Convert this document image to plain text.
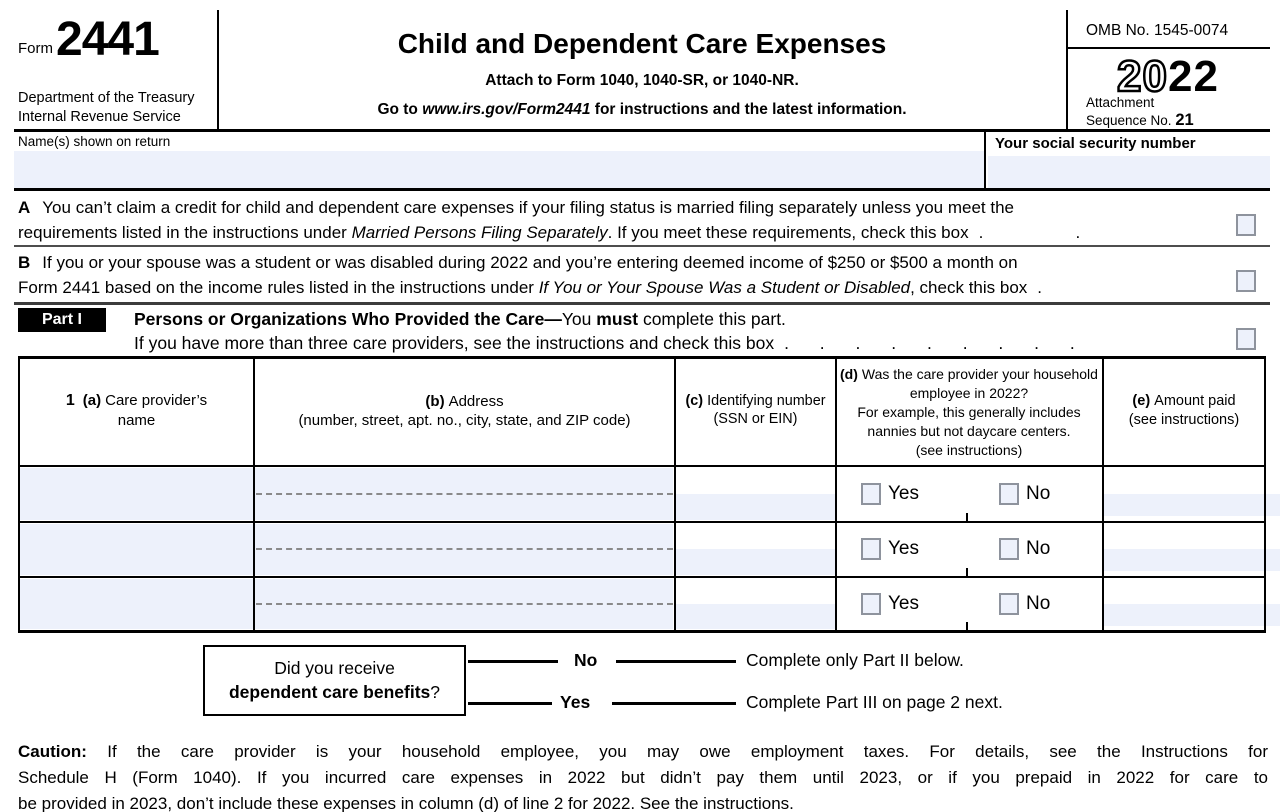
Form 2441
Department of the Treasury
Internal Revenue Service
Child and Dependent Care Expenses
Attach to Form 1040, 1040-SR, or 1040-NR.
Go to www.irs.gov/Form2441 for instructions and the latest information.
OMB No. 1545-0074
2022
Attachment
Sequence No. 21
Name(s) shown on return	Your social security number
A You can’t claim a credit for child and dependent care expenses if your filing status is married filing separately unless you meet the
requirements listed in the instructions under Married Persons Filing Separately. If you meet these requirements, check this box .   .
B If you or your spouse was a student or was disabled during 2022 and you’re entering deemed income of $250 or $500 a month on
Form 2441 based on the income rules listed in the instructions under If You or Your Spouse Was a Student or Disabled, check this box .
Part I	Persons or Organizations Who Provided the Care—You must complete this part.
If you have more than three care providers, see the instructions and check this box . . . . . . . . .
1 (a) Care provider’s
name
(b) Address
(number, street, apt. no., city, state, and ZIP code)
(c) Identifying number
(SSN or EIN)
(d) Was the care provider your household employee in 2022?
For example, this generally includes nannies but not daycare centers.
(see instructions)
(e) Amount paid
(see instructions)
Yes	No
Yes	No
Yes	No
Did you receive
dependent care benefits?
No	Complete only Part II below.
Yes	Complete Part III on page 2 next.
Caution: If the care provider is your household employee, you may owe employment taxes. For details, see the Instructions for
Schedule H (Form 1040). If you incurred care expenses in 2022 but didn’t pay them until 2023, or if you prepaid in 2022 for care to
be provided in 2023, don’t include these expenses in column (d) of line 2 for 2022. See the instructions.
